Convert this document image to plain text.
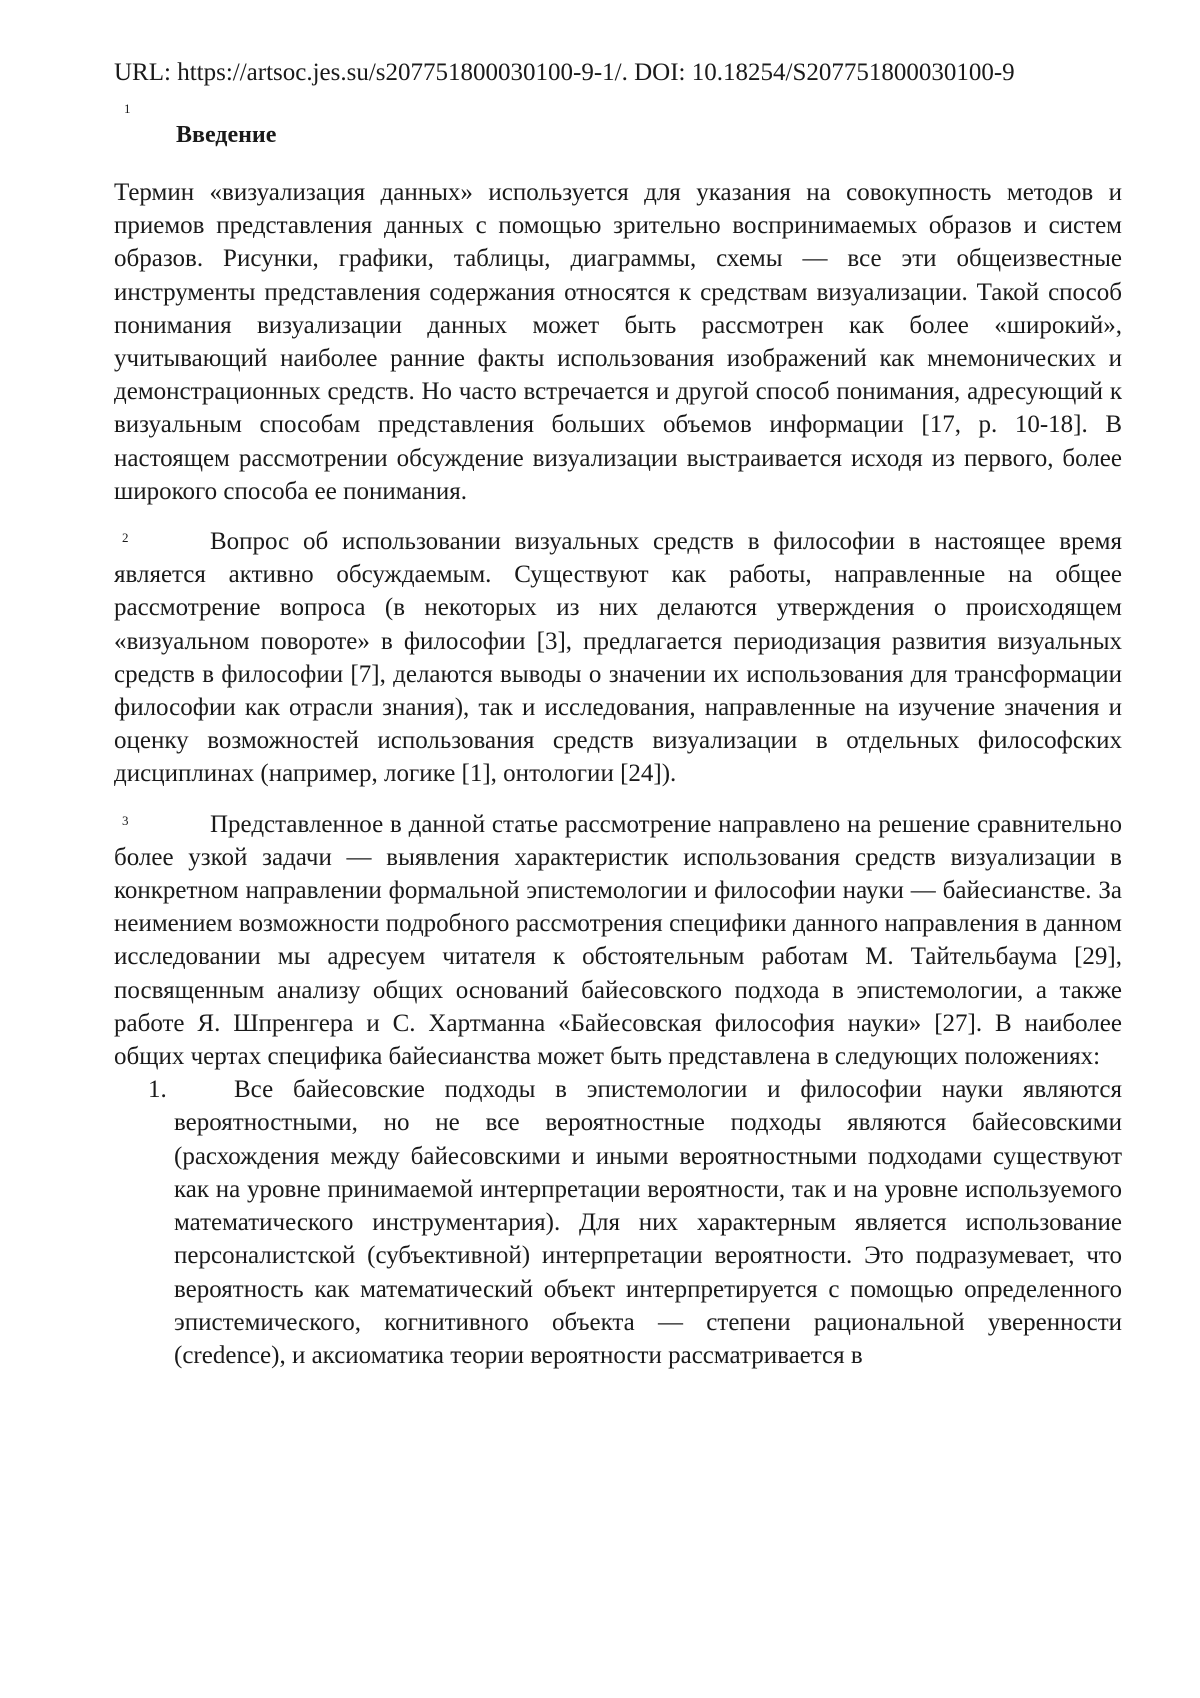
URL: https://artsoc.jes.su/s207751800030100-9-1/. DOI: 10.18254/S207751800030100-9

1
Введение

Термин «визуализация данных» используется для указания на совокупность методов и приемов представления данных с помощью зрительно воспринимаемых образов и систем образов. Рисунки, графики, таблицы, диаграммы, схемы — все эти общеизвестные инструменты представления содержания относятся к средствам визуализации. Такой способ понимания визуализации данных может быть рассмотрен как более «широкий», учитывающий наиболее ранние факты использования изображений как мнемонических и демонстрационных средств. Но часто встречается и другой способ понимания, адресующий к визуальным способам представления больших объемов информации [17, p. 10-18]. В настоящем рассмотрении обсуждение визуализации выстраивается исходя из первого, более широкого способа ее понимания.

2	Вопрос об использовании визуальных средств в философии в настоящее время является активно обсуждаемым. Существуют как работы, направленные на общее рассмотрение вопроса (в некоторых из них делаются утверждения о происходящем «визуальном повороте» в философии [3], предлагается периодизация развития визуальных средств в философии [7], делаются выводы о значении их использования для трансформации философии как отрасли знания), так и исследования, направленные на изучение значения и оценку возможностей использования средств визуализации в отдельных философских дисциплинах (например, логике [1], онтологии [24]).

3	Представленное в данной статье рассмотрение направлено на решение сравнительно более узкой задачи — выявления характеристик использования средств визуализации в конкретном направлении формальной эпистемологии и философии науки — байесианстве. За неимением возможности подробного рассмотрения специфики данного направления в данном исследовании мы адресуем читателя к обстоятельным работам М. Тайтельбаума [29], посвященным анализу общих оснований байесовского подхода в эпистемологии, а также работе Я. Шпренгера и С. Хартманна «Байесовская философия науки» [27]. В наиболее общих чертах специфика байесианства может быть представлена в следующих положениях:

1.	Все байесовские подходы в эпистемологии и философии науки являются вероятностными, но не все вероятностные подходы являются байесовскими (расхождения между байесовскими и иными вероятностными подходами существуют как на уровне принимаемой интерпретации вероятности, так и на уровне используемого математического инструментария). Для них характерным является использование персоналистской (субъективной) интерпретации вероятности. Это подразумевает, что вероятность как математический объект интерпретируется с помощью определенного эпистемического, когнитивного объекта — степени рациональной уверенности (credence), и аксиоматика теории вероятности рассматривается в
